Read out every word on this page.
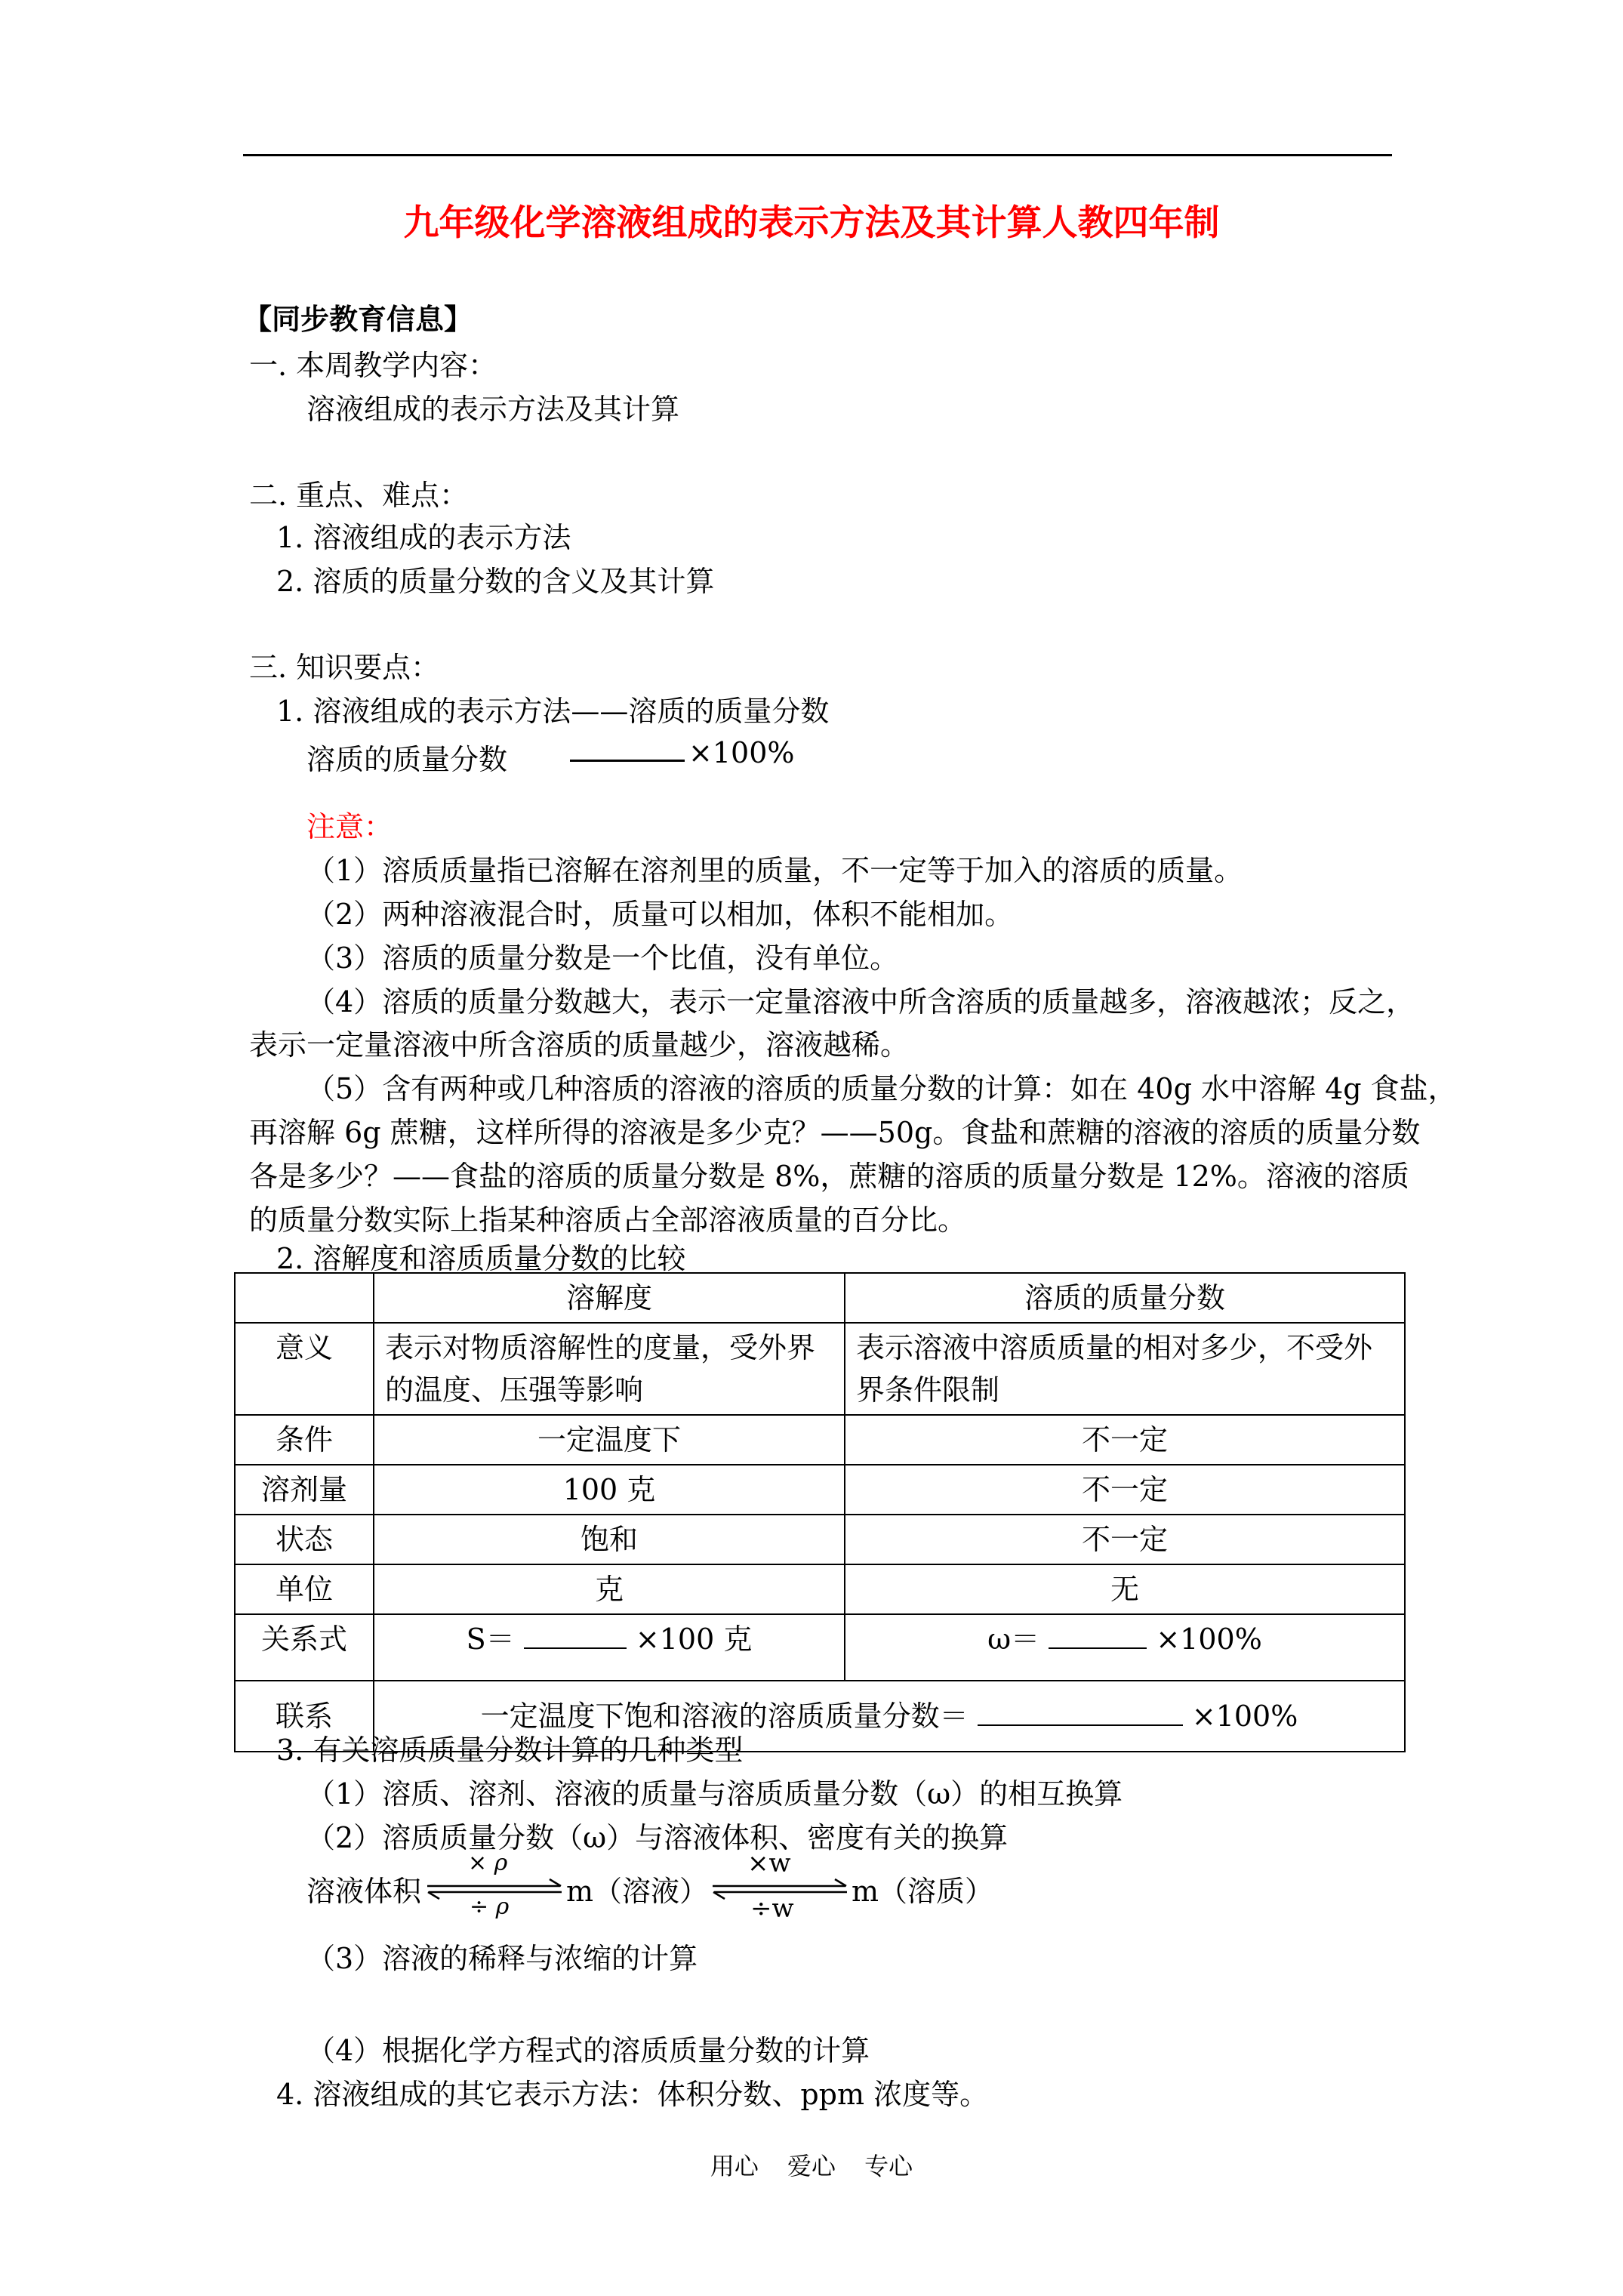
九年级化学溶液组成的表示方法及其计算人教四年制
【同步教育信息】
一. 本周教学内容：
溶液组成的表示方法及其计算
二. 重点、难点：
1. 溶液组成的表示方法
2. 溶质的质量分数的含义及其计算
三. 知识要点：
1. 溶液组成的表示方法——溶质的质量分数
溶质的质量分数	×100%
注意：
（1）溶质质量指已溶解在溶剂里的质量，不一定等于加入的溶质的质量。
（2）两种溶液混合时，质量可以相加，体积不能相加。
（3）溶质的质量分数是一个比值，没有单位。
（4）溶质的质量分数越大，表示一定量溶液中所含溶质的质量越多，溶液越浓；反之，
表示一定量溶液中所含溶质的质量越少，溶液越稀。
（5）含有两种或几种溶质的溶液的溶质的质量分数的计算：如在 40g 水中溶解 4g 食盐，
再溶解 6g 蔗糖，这样所得的溶液是多少克？——50g。食盐和蔗糖的溶液的溶质的质量分数
各是多少？——食盐的溶质的质量分数是 8%，蔗糖的溶质的质量分数是 12%。溶液的溶质
的质量分数实际上指某种溶质占全部溶液质量的百分比。
2. 溶解度和溶质质量分数的比较
	溶解度	溶质的质量分数
意义	表示对物质溶解性的度量，受外界的温度、压强等影响	表示溶液中溶质质量的相对多少，不受外界条件限制
条件	一定温度下	不一定
溶剂量	100 克	不一定
状态	饱和	不一定
单位	克	无
关系式	S＝ ×100 克	ω＝ ×100%
联系	一定温度下饱和溶液的溶质质量分数＝ ×100%	
3. 有关溶质质量分数计算的几种类型
（1）溶质、溶剂、溶液的质量与溶质质量分数（ω）的相互换算
（2）溶质质量分数（ω）与溶液体积、密度有关的换算
溶液体积
× ρ
÷ ρ m（溶液）
×w
÷w
m（溶质）
（3）溶液的稀释与浓缩的计算
（4）根据化学方程式的溶质质量分数的计算
4. 溶液组成的其它表示方法：体积分数、ppm 浓度等。
用心 爱心 专心
